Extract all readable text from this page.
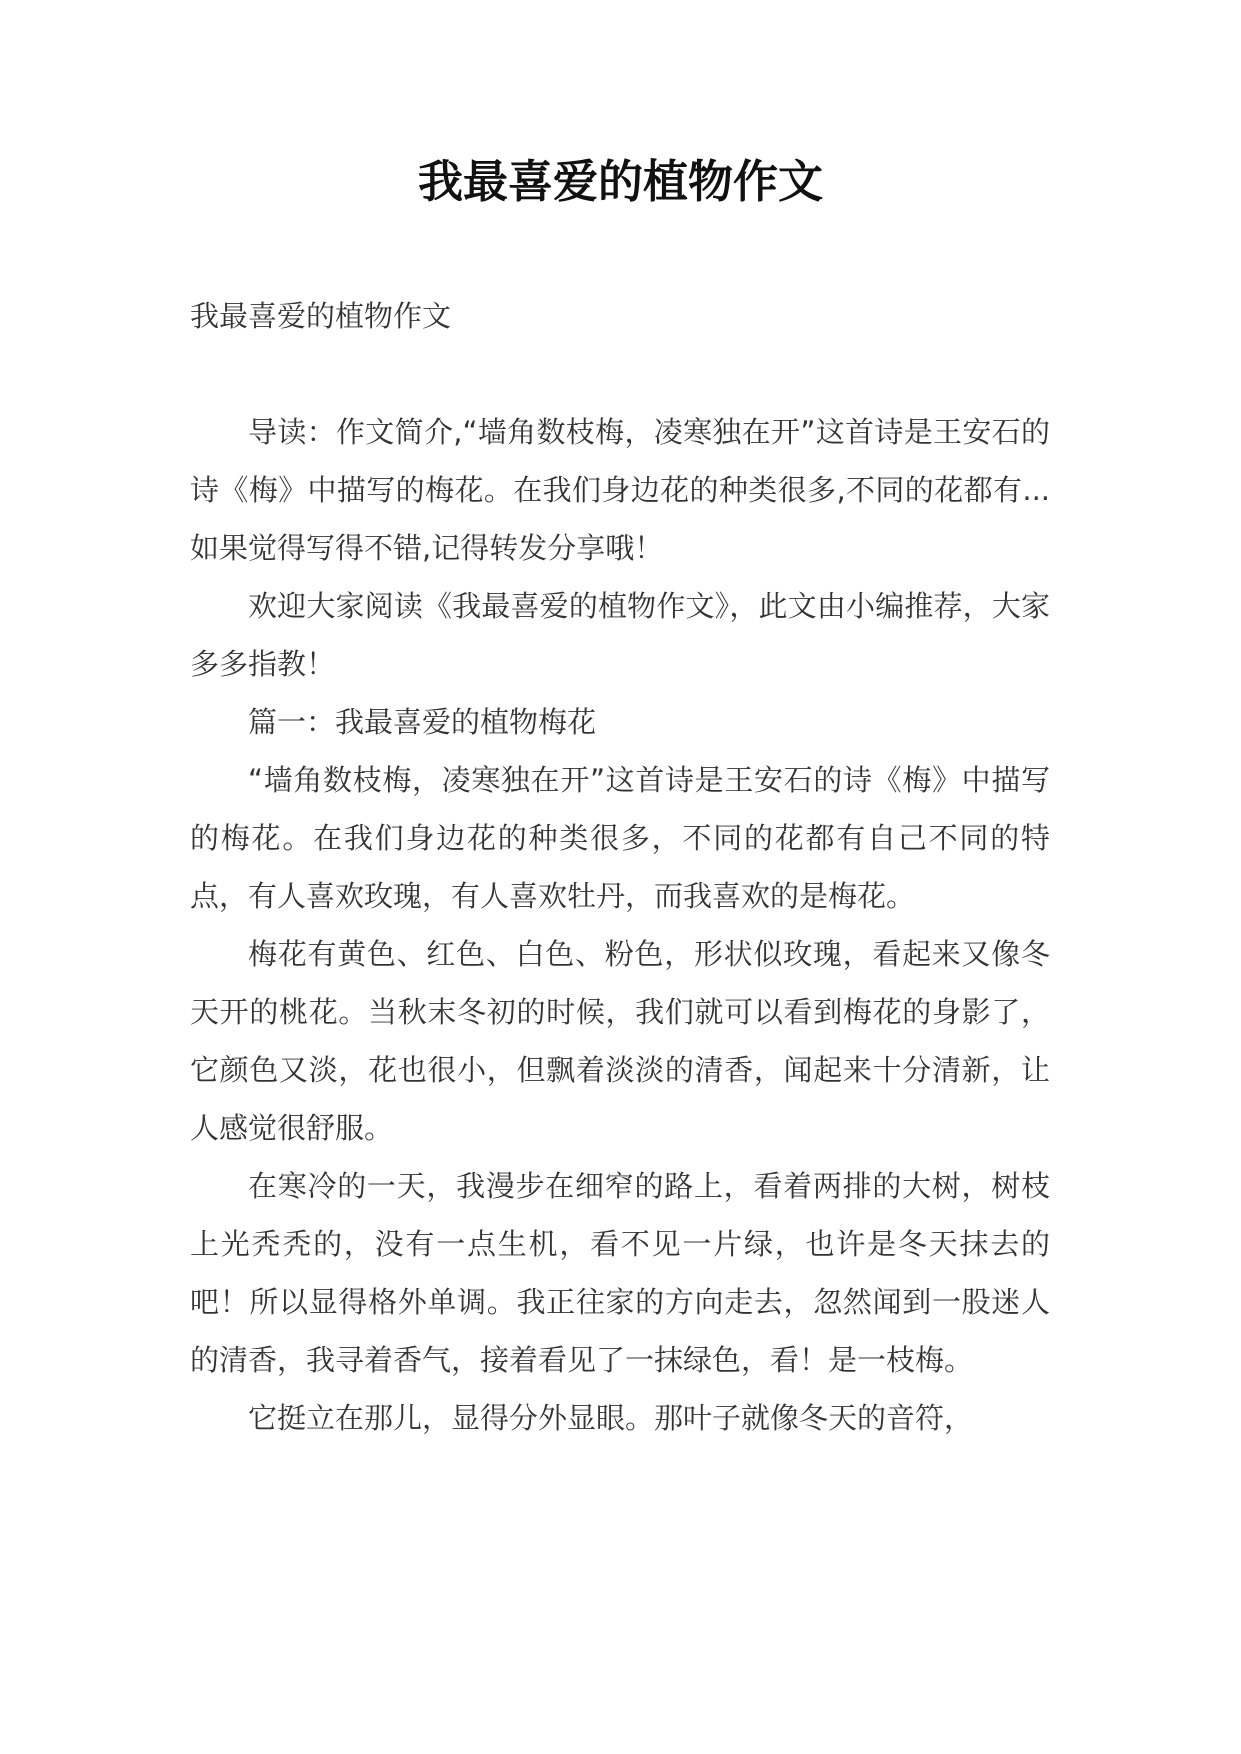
我最喜爱的植物作文

我最喜爱的植物作文

导读：作文简介,“墙角数枝梅，凌寒独在开”这首诗是王安石的诗《梅》中描写的梅花。在我们身边花的种类很多,不同的花都有... 如果觉得写得不错,记得转发分享哦！

欢迎大家阅读《我最喜爱的植物作文》，此文由小编推荐，大家多多指教！

篇一：我最喜爱的植物梅花

“墙角数枝梅，凌寒独在开”这首诗是王安石的诗《梅》中描写的梅花。在我们身边花的种类很多，不同的花都有自己不同的特点，有人喜欢玫瑰，有人喜欢牡丹，而我喜欢的是梅花。

梅花有黄色、红色、白色、粉色，形状似玫瑰，看起来又像冬天开的桃花。当秋末冬初的时候，我们就可以看到梅花的身影了，它颜色又淡，花也很小，但飘着淡淡的清香，闻起来十分清新，让人感觉很舒服。

在寒冷的一天，我漫步在细窄的路上，看着两排的大树，树枝上光秃秃的，没有一点生机，看不见一片绿，也许是冬天抹去的吧！所以显得格外单调。我正往家的方向走去，忽然闻到一股迷人的清香，我寻着香气，接着看见了一抹绿色，看！是一枝梅。

它挺立在那儿，显得分外显眼。那叶子就像冬天的音符，
